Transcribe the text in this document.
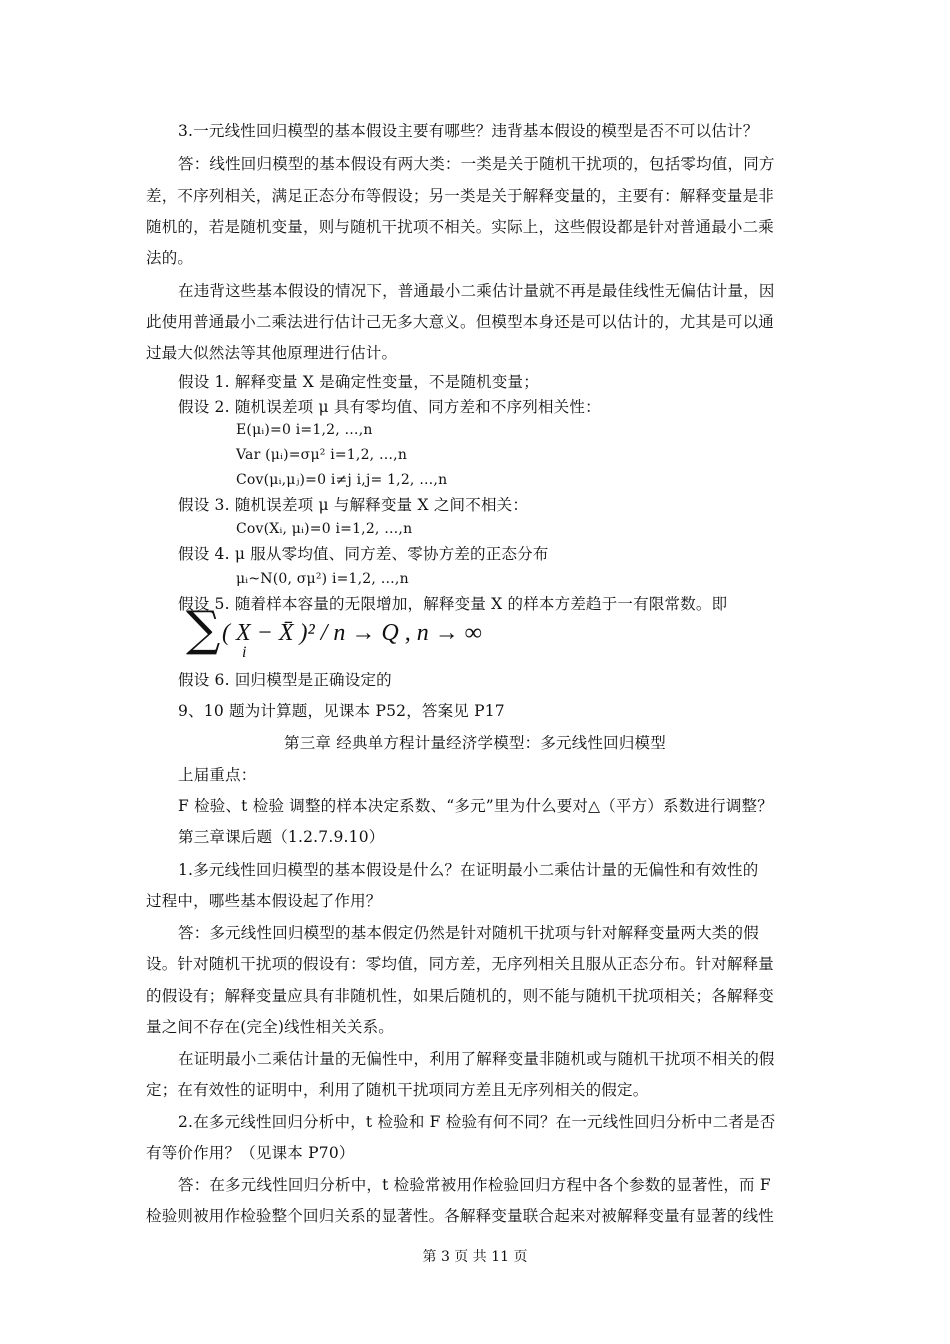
3.一元线性回归模型的基本假设主要有哪些？违背基本假设的模型是否不可以估计？
答：线性回归模型的基本假设有两大类：一类是关于随机干扰项的，包括零均值，同方
差，不序列相关，满足正态分布等假设；另一类是关于解释变量的，主要有：解释变量是非
随机的，若是随机变量，则与随机干扰项不相关。实际上，这些假设都是针对普通最小二乘
法的。
在违背这些基本假设的情况下，普通最小二乘估计量就不再是最佳线性无偏估计量，因
此使用普通最小二乘法进行估计己无多大意义。但模型本身还是可以估计的，尤其是可以通
过最大似然法等其他原理进行估计。
假设 1. 解释变量 X 是确定性变量，不是随机变量；
假设 2. 随机误差项 μ 具有零均值、同方差和不序列相关性：
E(μᵢ)=0 i=1,2, …,n
Var (μᵢ)=σμ² i=1,2, …,n
Cov(μᵢ,μⱼ)=0 i≠j i,j= 1,2, …,n
假设 3. 随机误差项 μ 与解释变量 X 之间不相关：
Cov(Xᵢ, μᵢ)=0 i=1,2, …,n
假设 4. μ 服从零均值、同方差、零协方差的正态分布
μᵢ~N(0, σμ²) i=1,2, …,n
假设 5. 随着样本容量的无限增加，解释变量 X 的样本方差趋于一有限常数。即
∑ ( X − X̄ )² / n → Q , n → ∞
i
假设 6. 回归模型是正确设定的
9、10 题为计算题，见课本 P52，答案见 P17
第三章 经典单方程计量经济学模型：多元线性回归模型
上届重点：
F 检验、t 检验 调整的样本决定系数、“多元”里为什么要对△（平方）系数进行调整？
第三章课后题（1.2.7.9.10）
1.多元线性回归模型的基本假设是什么？在证明最小二乘估计量的无偏性和有效性的
过程中，哪些基本假设起了作用？
答：多元线性回归模型的基本假定仍然是针对随机干扰项与针对解释变量两大类的假
设。针对随机干扰项的假设有：零均值，同方差，无序列相关且服从正态分布。针对解释量
的假设有；解释变量应具有非随机性，如果后随机的，则不能与随机干扰项相关；各解释变
量之间不存在(完全)线性相关关系。
在证明最小二乘估计量的无偏性中，利用了解释变量非随机或与随机干扰项不相关的假
定；在有效性的证明中，利用了随机干扰项同方差且无序列相关的假定。
2.在多元线性回归分析中，t 检验和 F 检验有何不同？在一元线性回归分析中二者是否
有等价作用？（见课本 P70）
答：在多元线性回归分析中，t 检验常被用作检验回归方程中各个参数的显著性，而 F
检验则被用作检验整个回归关系的显著性。各解释变量联合起来对被解释变量有显著的线性
第 3 页 共 11 页
